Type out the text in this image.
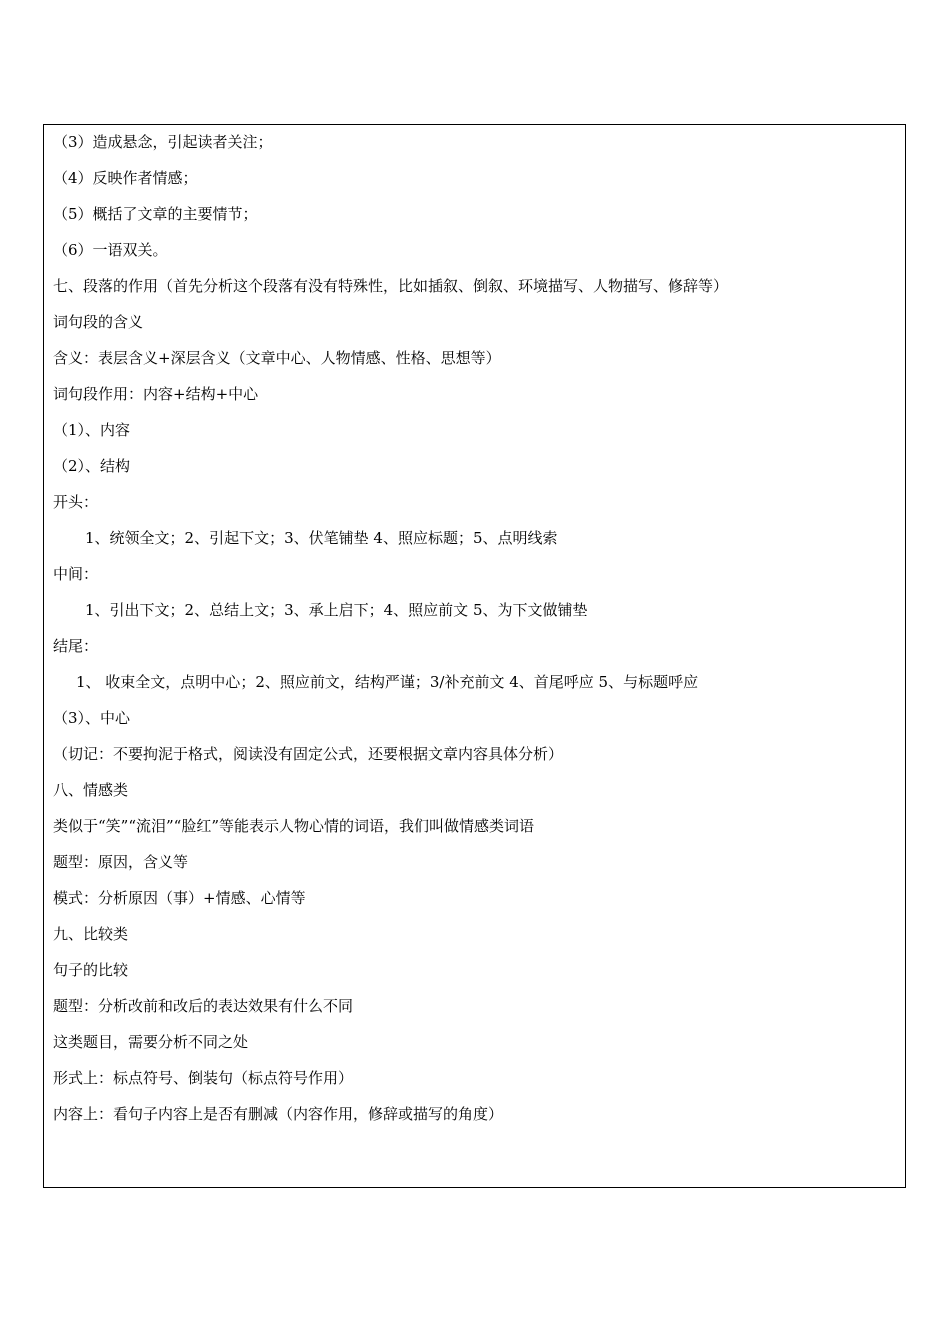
（3）造成悬念，引起读者关注；
（4）反映作者情感；
（5）概括了文章的主要情节；
（6）一语双关。
七、段落的作用（首先分析这个段落有没有特殊性，比如插叙、倒叙、环境描写、人物描写、修辞等）
词句段的含义
含义：表层含义+深层含义（文章中心、人物情感、性格、思想等）
词句段作用：内容+结构+中心
（1）、内容
（2）、结构
开头：
1、统领全文；2、引起下文；3、伏笔铺垫 4、照应标题；5、点明线索
中间：
1、引出下文；2、总结上文；3、承上启下；4、照应前文 5、为下文做铺垫
结尾：
1、 收束全文，点明中心；2、照应前文，结构严谨；3/补充前文 4、首尾呼应 5、与标题呼应
（3）、中心
（切记：不要拘泥于格式，阅读没有固定公式，还要根据文章内容具体分析）
八、情感类
类似于“笑”“流泪”“脸红”等能表示人物心情的词语，我们叫做情感类词语
题型：原因，含义等
模式：分析原因（事）+情感、心情等
九、比较类
句子的比较
题型：分析改前和改后的表达效果有什么不同
这类题目，需要分析不同之处
形式上：标点符号、倒装句（标点符号作用）
内容上：看句子内容上是否有删减（内容作用，修辞或描写的角度）
